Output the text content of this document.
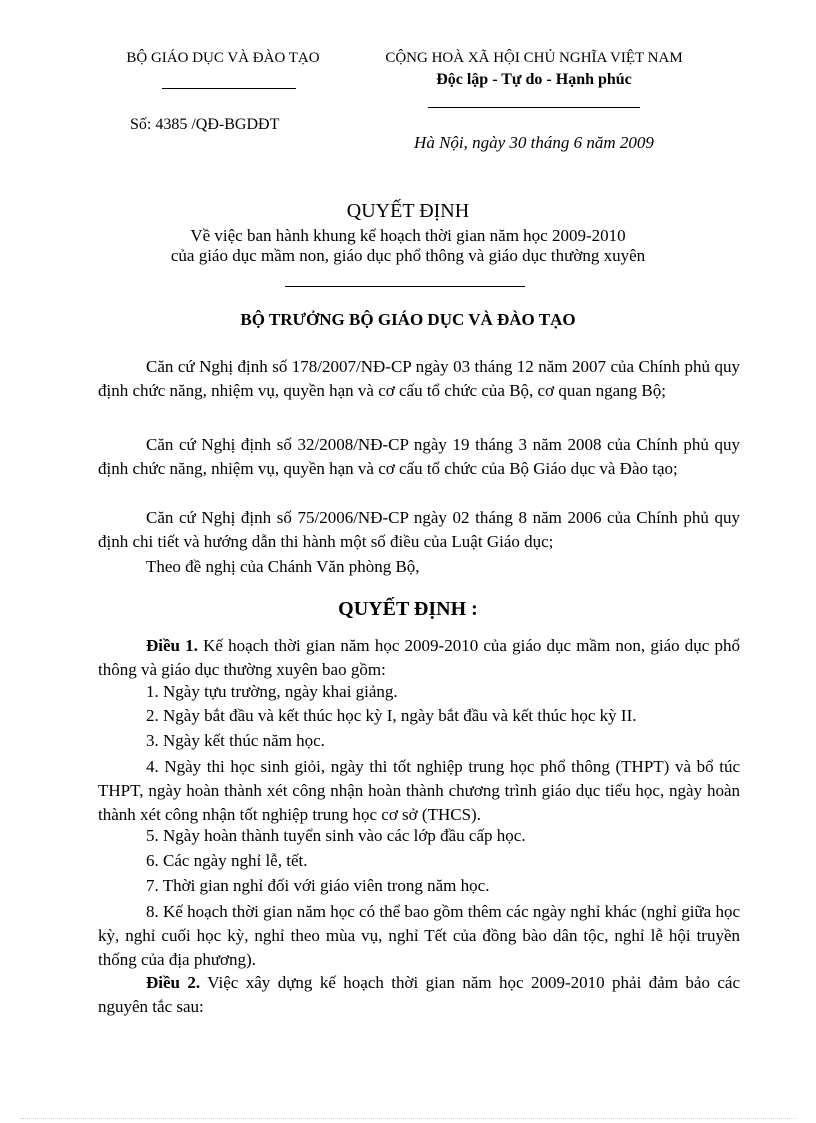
BỘ GIÁO DỤC VÀ ĐÀO TẠO
Số: 4385 /QĐ-BGDĐT
CỘNG HOÀ XÃ HỘI CHỦ NGHĨA VIỆT NAM
Độc lập - Tự do - Hạnh phúc
Hà Nội, ngày 30 tháng 6 năm 2009
QUYẾT ĐỊNH
Về việc ban hành khung kế hoạch thời gian năm học 2009-2010
của giáo dục mầm non, giáo dục phổ thông và giáo dục thường xuyên
BỘ TRƯỞNG BỘ GIÁO DỤC VÀ ĐÀO TẠO
Căn cứ Nghị định số 178/2007/NĐ-CP ngày 03 tháng 12 năm 2007 của Chính phủ quy định chức năng, nhiệm vụ, quyền hạn và cơ cấu tổ chức của Bộ, cơ quan ngang Bộ;
Căn cứ Nghị định số 32/2008/NĐ-CP ngày 19 tháng 3 năm 2008 của Chính phủ quy định chức năng, nhiệm vụ, quyền hạn và cơ cấu tổ chức của Bộ Giáo dục và Đào tạo;
Căn cứ Nghị định số 75/2006/NĐ-CP ngày 02 tháng 8 năm 2006 của Chính phủ quy định chi tiết và hướng dẫn thi hành một số điều của Luật Giáo dục;
Theo đề nghị của Chánh Văn phòng Bộ,
QUYẾT ĐỊNH :
Điều 1. Kế hoạch thời gian năm học 2009-2010 của giáo dục mầm non, giáo dục phổ thông và giáo dục thường xuyên bao gồm:
1. Ngày tựu trường, ngày khai giảng.
2. Ngày bắt đầu và kết thúc học kỳ I, ngày bắt đầu và kết thúc học kỳ II.
3. Ngày kết thúc năm học.
4. Ngày thi học sinh giỏi, ngày thi tốt nghiệp trung học phổ thông (THPT) và bổ túc THPT, ngày hoàn thành xét công nhận hoàn thành chương trình giáo dục tiểu học, ngày hoàn thành xét công nhận tốt nghiệp trung học cơ sở (THCS).
5. Ngày hoàn thành tuyển sinh vào các lớp đầu cấp học.
6. Các ngày nghỉ lễ, tết.
7. Thời gian nghỉ đối với giáo viên trong năm học.
8. Kế hoạch thời gian năm học có thể bao gồm thêm các ngày nghỉ khác (nghỉ giữa học kỳ, nghỉ cuối học kỳ, nghỉ theo mùa vụ, nghỉ Tết của đồng bào dân tộc, nghỉ lễ hội truyền thống của địa phương).
Điều 2. Việc xây dựng kế hoạch thời gian năm học 2009-2010 phải đảm bảo các nguyên tắc sau:
